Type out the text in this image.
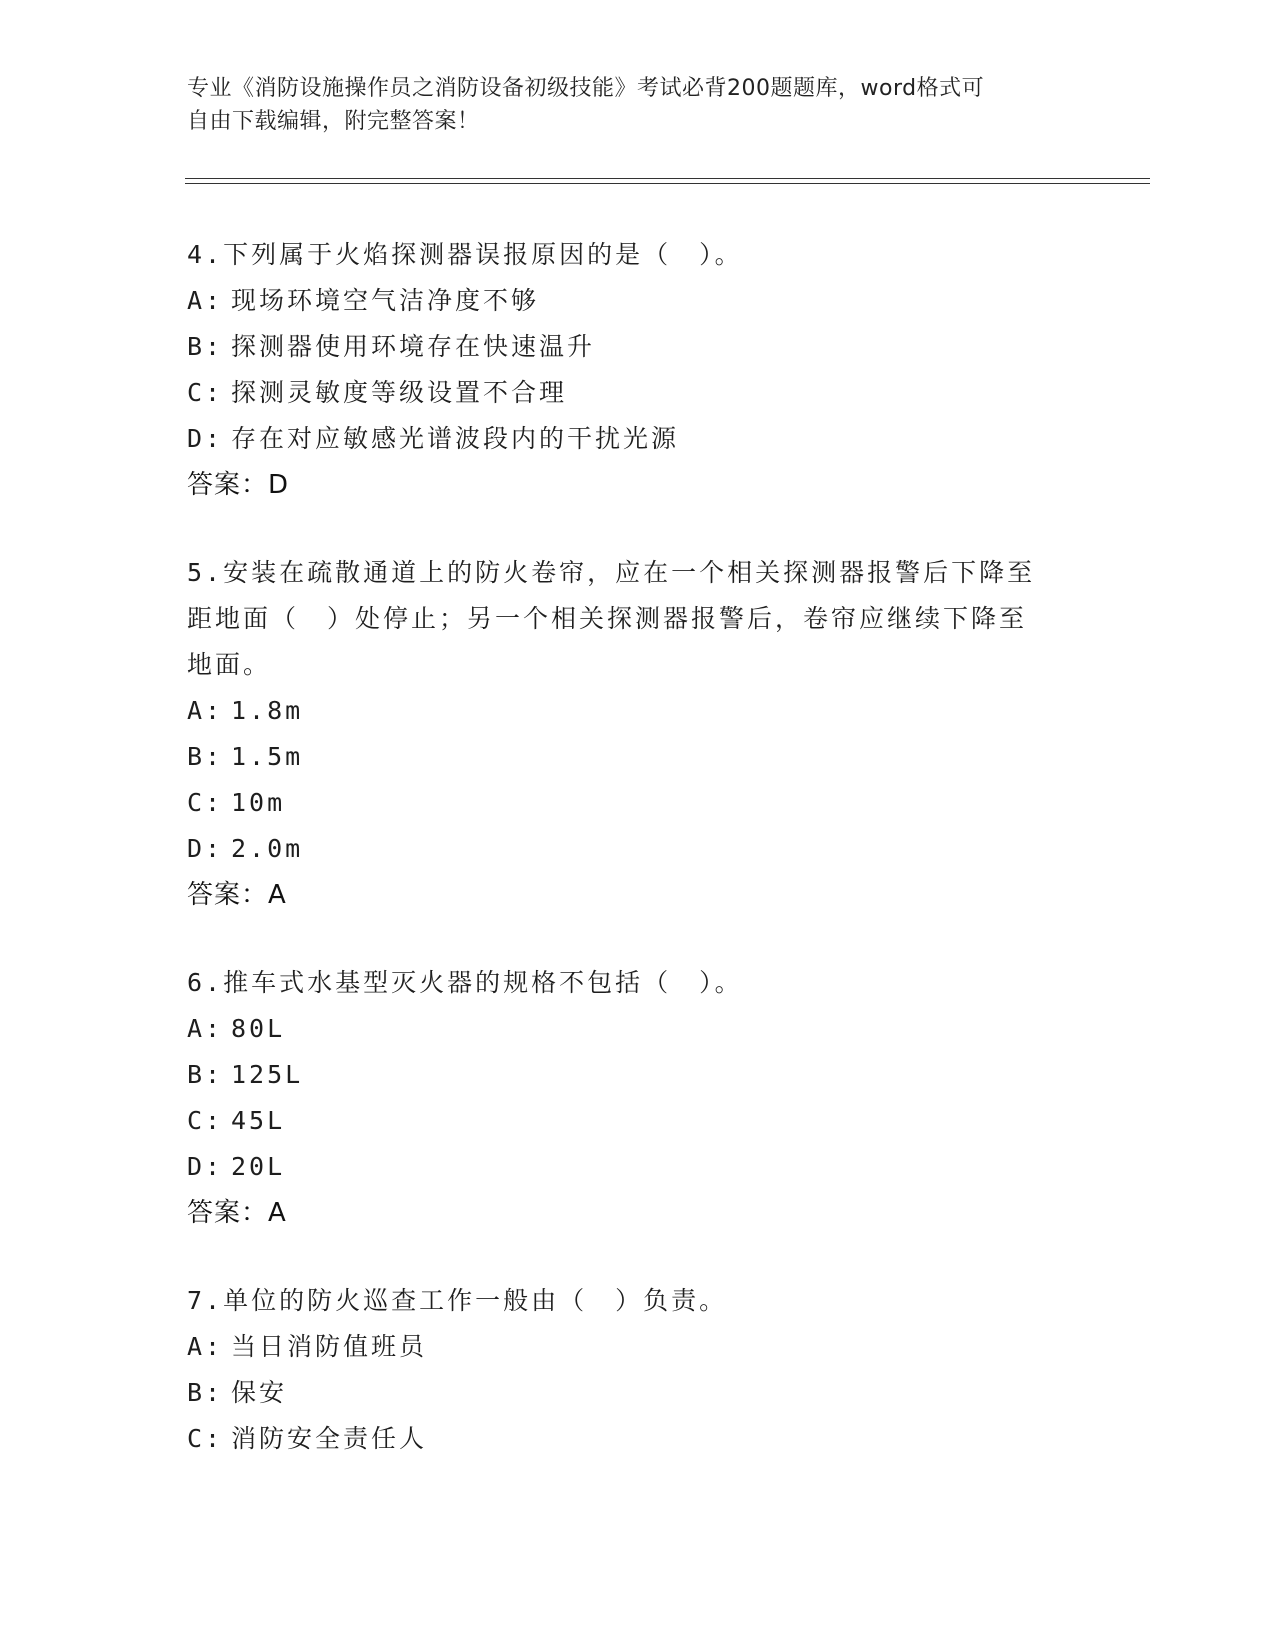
专业《消防设施操作员之消防设备初级技能》考试必背200题题库，word格式可
自由下载编辑，附完整答案！
4.下列属于火焰探测器误报原因的是（　）。
A: 现场环境空气洁净度不够
B: 探测器使用环境存在快速温升
C: 探测灵敏度等级设置不合理
D: 存在对应敏感光谱波段内的干扰光源
答案：D
5.安装在疏散通道上的防火卷帘，应在一个相关探测器报警后下降至
距地面（　）处停止；另一个相关探测器报警后，卷帘应继续下降至
地面。
A: 1.8m
B: 1.5m
C: 10m
D: 2.0m
答案：A
6.推车式水基型灭火器的规格不包括（　）。
A: 80L
B: 125L
C: 45L
D: 20L
答案：A
7.单位的防火巡查工作一般由（　）负责。
A: 当日消防值班员
B: 保安
C: 消防安全责任人
